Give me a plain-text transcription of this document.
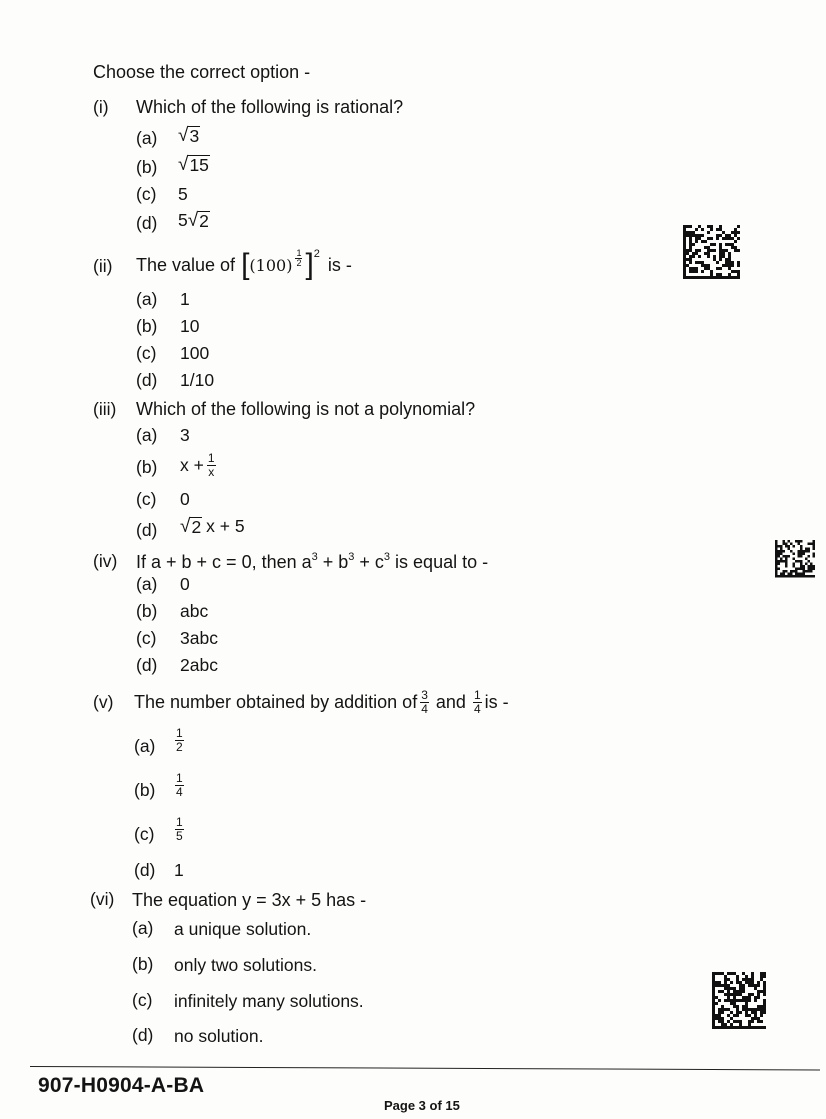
Choose the correct option -
(i) Which of the following is rational?
(a) √ 3
(b) √ 15
(c) 5
(d) 5 √ 2
(ii) The value of [ $(100) \frac{1}{2}$ ] 2
is -
(a) 1
(b) 10
(c) 100
(d) 1/10
(iii) Which of the following is not a polynomial?
(a) 3
(b) $x + \frac{1}{x}$
(c) 0
(d) √ 2 x + 5
(iv) If a + b + c = 0, then $a^3 + b^3 + c^3$ is equal to -
(a) 0
(b) abc
(c) 3abc
(d) 2abc
(v) The number obtained by addition of $\frac{3}{4}$ and $\frac{1}{4}$ is -
$(a) \frac{1}{2}$
$(b) \frac{1}{4}$
$(c) \frac{1}{5}$
(d) 1
(vi) The equation y = 3x + 5 has -
(a) a unique solution.
(b) only two solutions.
(c) infinitely many solutions.
(d) no solution.
907-H0904-A-BA
Page 3 of 15
